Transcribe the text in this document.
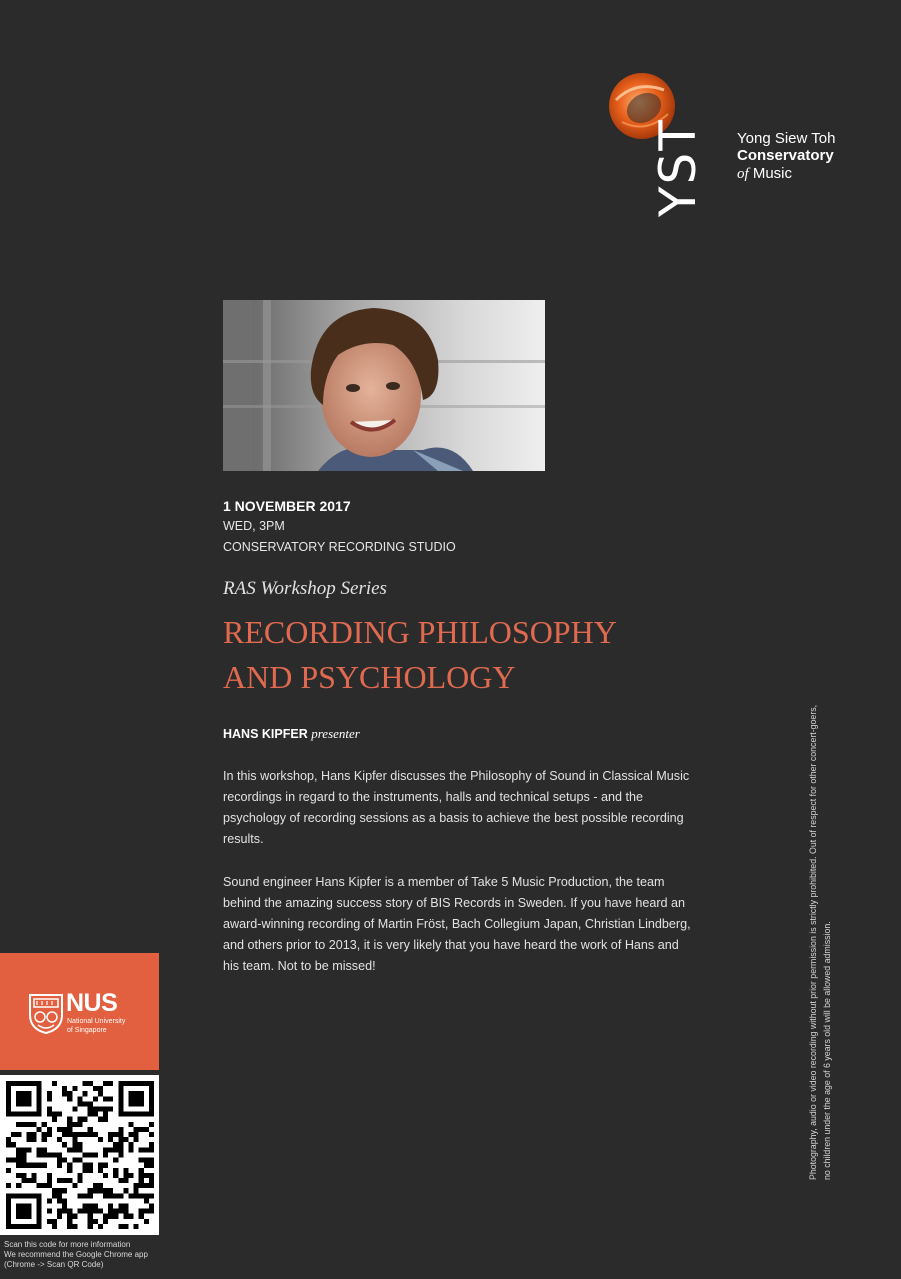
YST Yong Siew Toh
Conservatory
of Music
1 NOVEMBER 2017
WED, 3PM
CONSERVATORY RECORDING STUDIO
RAS Workshop Series
RECORDING PHILOSOPHY
AND PSYCHOLOGY
HANS KIPFER presenter

In this workshop, Hans Kipfer discusses the Philosophy of Sound in Classical Music recordings in regard to the instruments, halls and technical setups - and the psychology of recording sessions as a basis to achieve the best possible recording results.

Sound engineer Hans Kipfer is a member of Take 5 Music Production, the team behind the amazing success story of BIS Records in Sweden. If you have heard an award-winning recording of Martin Fröst, Bach Collegium Japan, Christian Lindberg, and others prior to 2013, it is very likely that you have heard the work of Hans and his team. Not to be missed!

NUS
National University
of Singapore
Scan this code for more information
We recommend the Google Chrome app
(Chrome -> Scan QR Code)
Photography, audio or video recording without prior permission is strictly prohibited. Out of respect for other concert-goers, no children under the age of 6 years old will be allowed admission.
